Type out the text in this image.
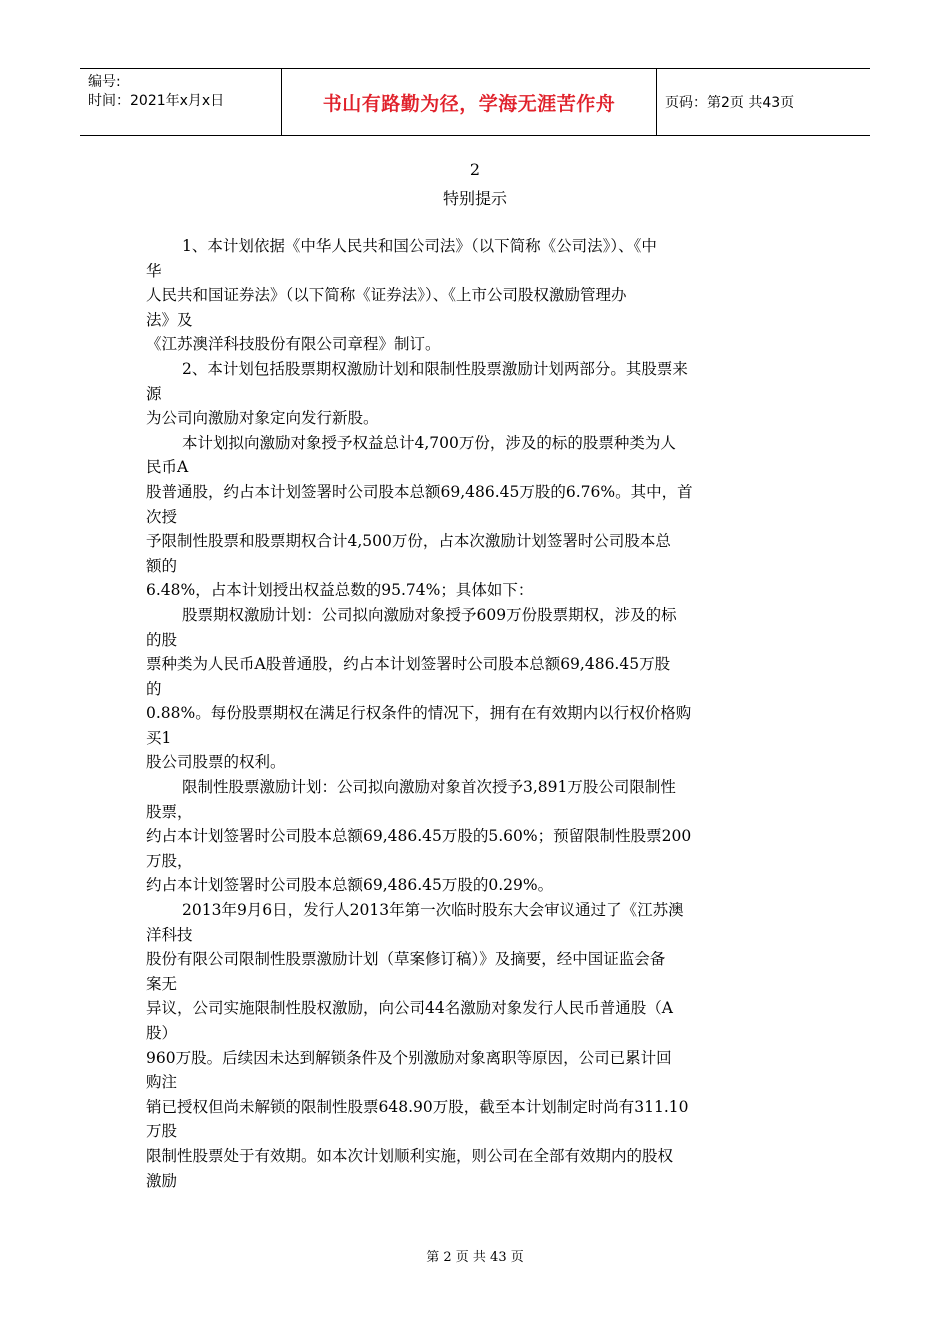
编号:
时间：2021年x月x日	书山有路勤为径，学海无涯苦作舟	页码：第2页 共43页
2
特别提示
1、本计划依据《中华人民共和国公司法》（以下简称《公司法》）、《中
华
人民共和国证券法》（以下简称《证券法》）、《上市公司股权激励管理办
法》及
《江苏澳洋科技股份有限公司章程》制订。
2、本计划包括股票期权激励计划和限制性股票激励计划两部分。其股票来
源
为公司向激励对象定向发行新股。
本计划拟向激励对象授予权益总计4,700万份，涉及的标的股票种类为人
民币A
股普通股，约占本计划签署时公司股本总额69,486.45万股的6.76%。其中，首
次授
予限制性股票和股票期权合计4,500万份，占本次激励计划签署时公司股本总
额的
6.48%，占本计划授出权益总数的95.74%；具体如下：
股票期权激励计划：公司拟向激励对象授予609万份股票期权，涉及的标
的股
票种类为人民币A股普通股，约占本计划签署时公司股本总额69,486.45万股
的
0.88%。每份股票期权在满足行权条件的情况下，拥有在有效期内以行权价格购
买1
股公司股票的权利。
限制性股票激励计划：公司拟向激励对象首次授予3,891万股公司限制性
股票，
约占本计划签署时公司股本总额69,486.45万股的5.60%；预留限制性股票200
万股，
约占本计划签署时公司股本总额69,486.45万股的0.29%。
2013年9月6日，发行人2013年第一次临时股东大会审议通过了《江苏澳
洋科技
股份有限公司限制性股票激励计划（草案修订稿）》及摘要，经中国证监会备
案无
异议，公司实施限制性股权激励，向公司44名激励对象发行人民币普通股（A
股）
960万股。后续因未达到解锁条件及个别激励对象离职等原因，公司已累计回
购注
销已授权但尚未解锁的限制性股票648.90万股，截至本计划制定时尚有311.10
万股
限制性股票处于有效期。如本次计划顺利实施，则公司在全部有效期内的股权
激励
第 2 页 共 43 页
